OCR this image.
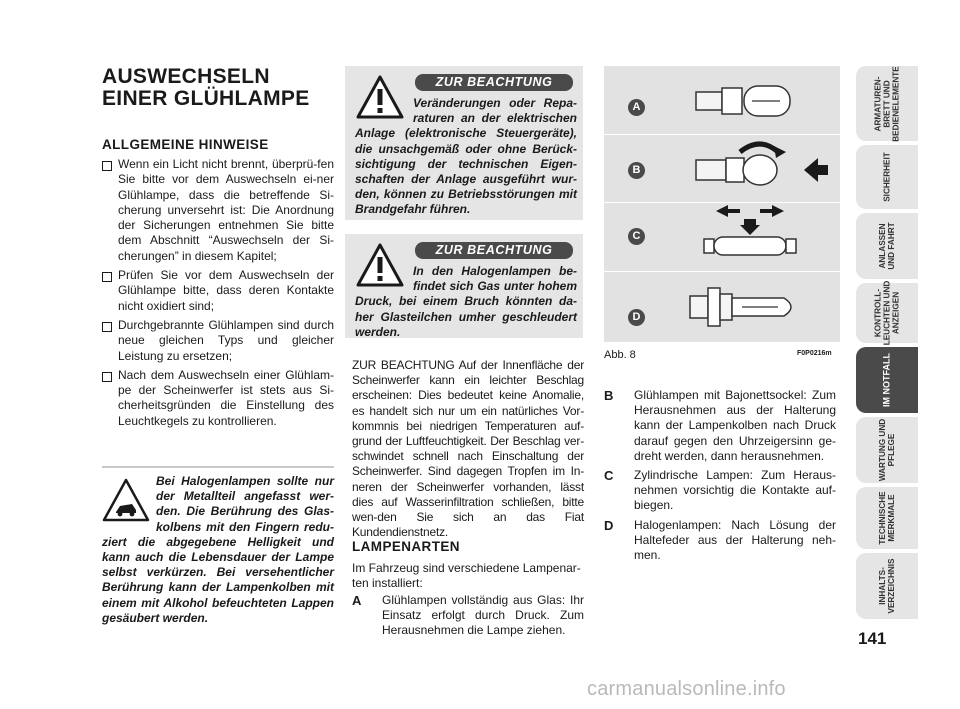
AUSWECHSELN
EINER GLÜHLAMPE
ALLGEMEINE HINWEISE
Wenn ein Licht nicht brennt, überprü-fen Sie bitte vor dem Auswechseln ei-ner Glühlampe, dass die betreffende Si-cherung unversehrt ist: Die Anordnung der Sicherungen entnehmen Sie bitte dem Abschnitt “Auswechseln der Si-cherungen” in diesem Kapitel;
Prüfen Sie vor dem Auswechseln der Glühlampe bitte, dass deren Kontakte nicht oxidiert sind;
Durchgebrannte Glühlampen sind durch neue gleichen Typs und gleicher Leistung zu ersetzen;
Nach dem Auswechseln einer Glühlam-pe der Scheinwerfer ist stets aus Si-cherheitsgründen die Einstellung des Leuchtkegels zu kontrollieren.
Bei Halogenlampen sollte nur der Metallteil angefasst wer-den. Die Berührung des Glas-kolbens mit den Fingern redu-ziert die abgegebene Helligkeit und kann auch die Lebensdauer der Lampe selbst verkürzen. Bei versehentlicher Berührung kann der Lampenkolben mit einem mit Alkohol befeuchteten Lappen gesäubert werden.
ZUR BEACHTUNG
Veränderungen oder Repa-raturen an der elektrischen Anlage (elektronische Steuergeräte), die unsachgemäß oder ohne Berück-sichtigung der technischen Eigen-schaften der Anlage ausgeführt wur-den, können zu Betriebsstörungen mit Brandgefahr führen.
ZUR BEACHTUNG
In den Halogenlampen be-findet sich Gas unter hohem Druck, bei einem Bruch könnten da-her Glasteilchen umher geschleudert werden.
ZUR BEACHTUNG Auf der Innenfläche der Scheinwerfer kann ein leichter Beschlag erscheinen: Dies bedeutet keine Anomalie, es handelt sich nur um ein natürliches Vor-kommnis bei niedrigen Temperaturen auf-grund der Luftfeuchtigkeit. Der Beschlag ver-schwindet schnell nach Einschaltung der Scheinwerfer. Sind dagegen Tropfen im In-neren der Scheinwerfer vorhanden, lässt dies auf Wasserinfiltration schließen, bitte wen-den Sie sich an das Fiat Kundendienstnetz.
LAMPENARTEN
Im Fahrzeug sind verschiedene Lampenar-ten installiert:
A	Glühlampen vollständig aus Glas: Ihr Einsatz erfolgt durch Druck. Zum Herausnehmen die Lampe ziehen.
A
B
C
D
Abb. 8	F0P0216m
B	Glühlampen mit Bajonettsockel: Zum Herausnehmen aus der Halterung kann der Lampenkolben nach Druck darauf gegen den Uhrzeigersinn ge-dreht werden, dann herausnehmen.
C	Zylindrische Lampen: Zum Heraus-nehmen vorsichtig die Kontakte auf-biegen.
D	Halogenlampen: Nach Lösung der Haltefeder aus der Halterung neh-men.
ARMATUREN-
BRETT UND
BEDIENELEMENTE
SICHERHEIT
ANLASSEN
UND FAHRT
KONTROLL-
LEUCHTEN UND
ANZEIGEN
IM NOTFALL
WARTUNG UND
PFLEGE
TECHNISCHE
MERKMALE
INHALTS-
VERZEICHNIS
141
carmanualsonline.info
